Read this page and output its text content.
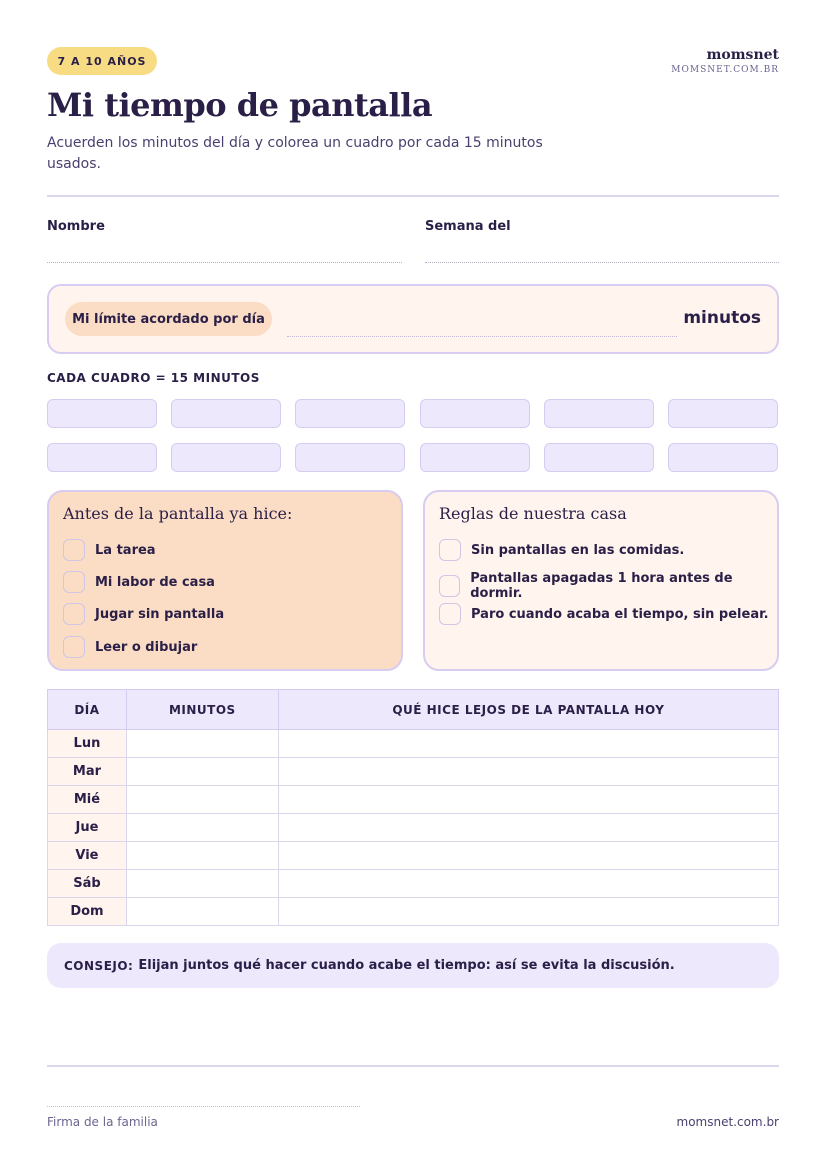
7 A 10 AÑOS	momsnet
MOMSNET.COM.BR
Mi tiempo de pantalla

Acuerden los minutos del día y colorea un cuadro por cada 15 minutos usados.

Nombre	Semana del
Mi límite acordado por día	minutos
CADA CUADRO = 15 MINUTOS
Antes de la pantalla ya hice:
La tarea
Mi labor de casa
Jugar sin pantalla
Leer o dibujar
Reglas de nuestra casa
Sin pantallas en las comidas.
Pantallas apagadas 1 hora antes de dormir.
Paro cuando acaba el tiempo, sin pelear.
DÍA	MINUTOS	QUÉ HICE LEJOS DE LA PANTALLA HOY
Lun		
Mar		
Mié		
Jue		
Vie		
Sáb		
Dom		
CONSEJO: Elijan juntos qué hacer cuando acabe el tiempo: así se evita la discusión.
Firma de la familia	momsnet.com.br
